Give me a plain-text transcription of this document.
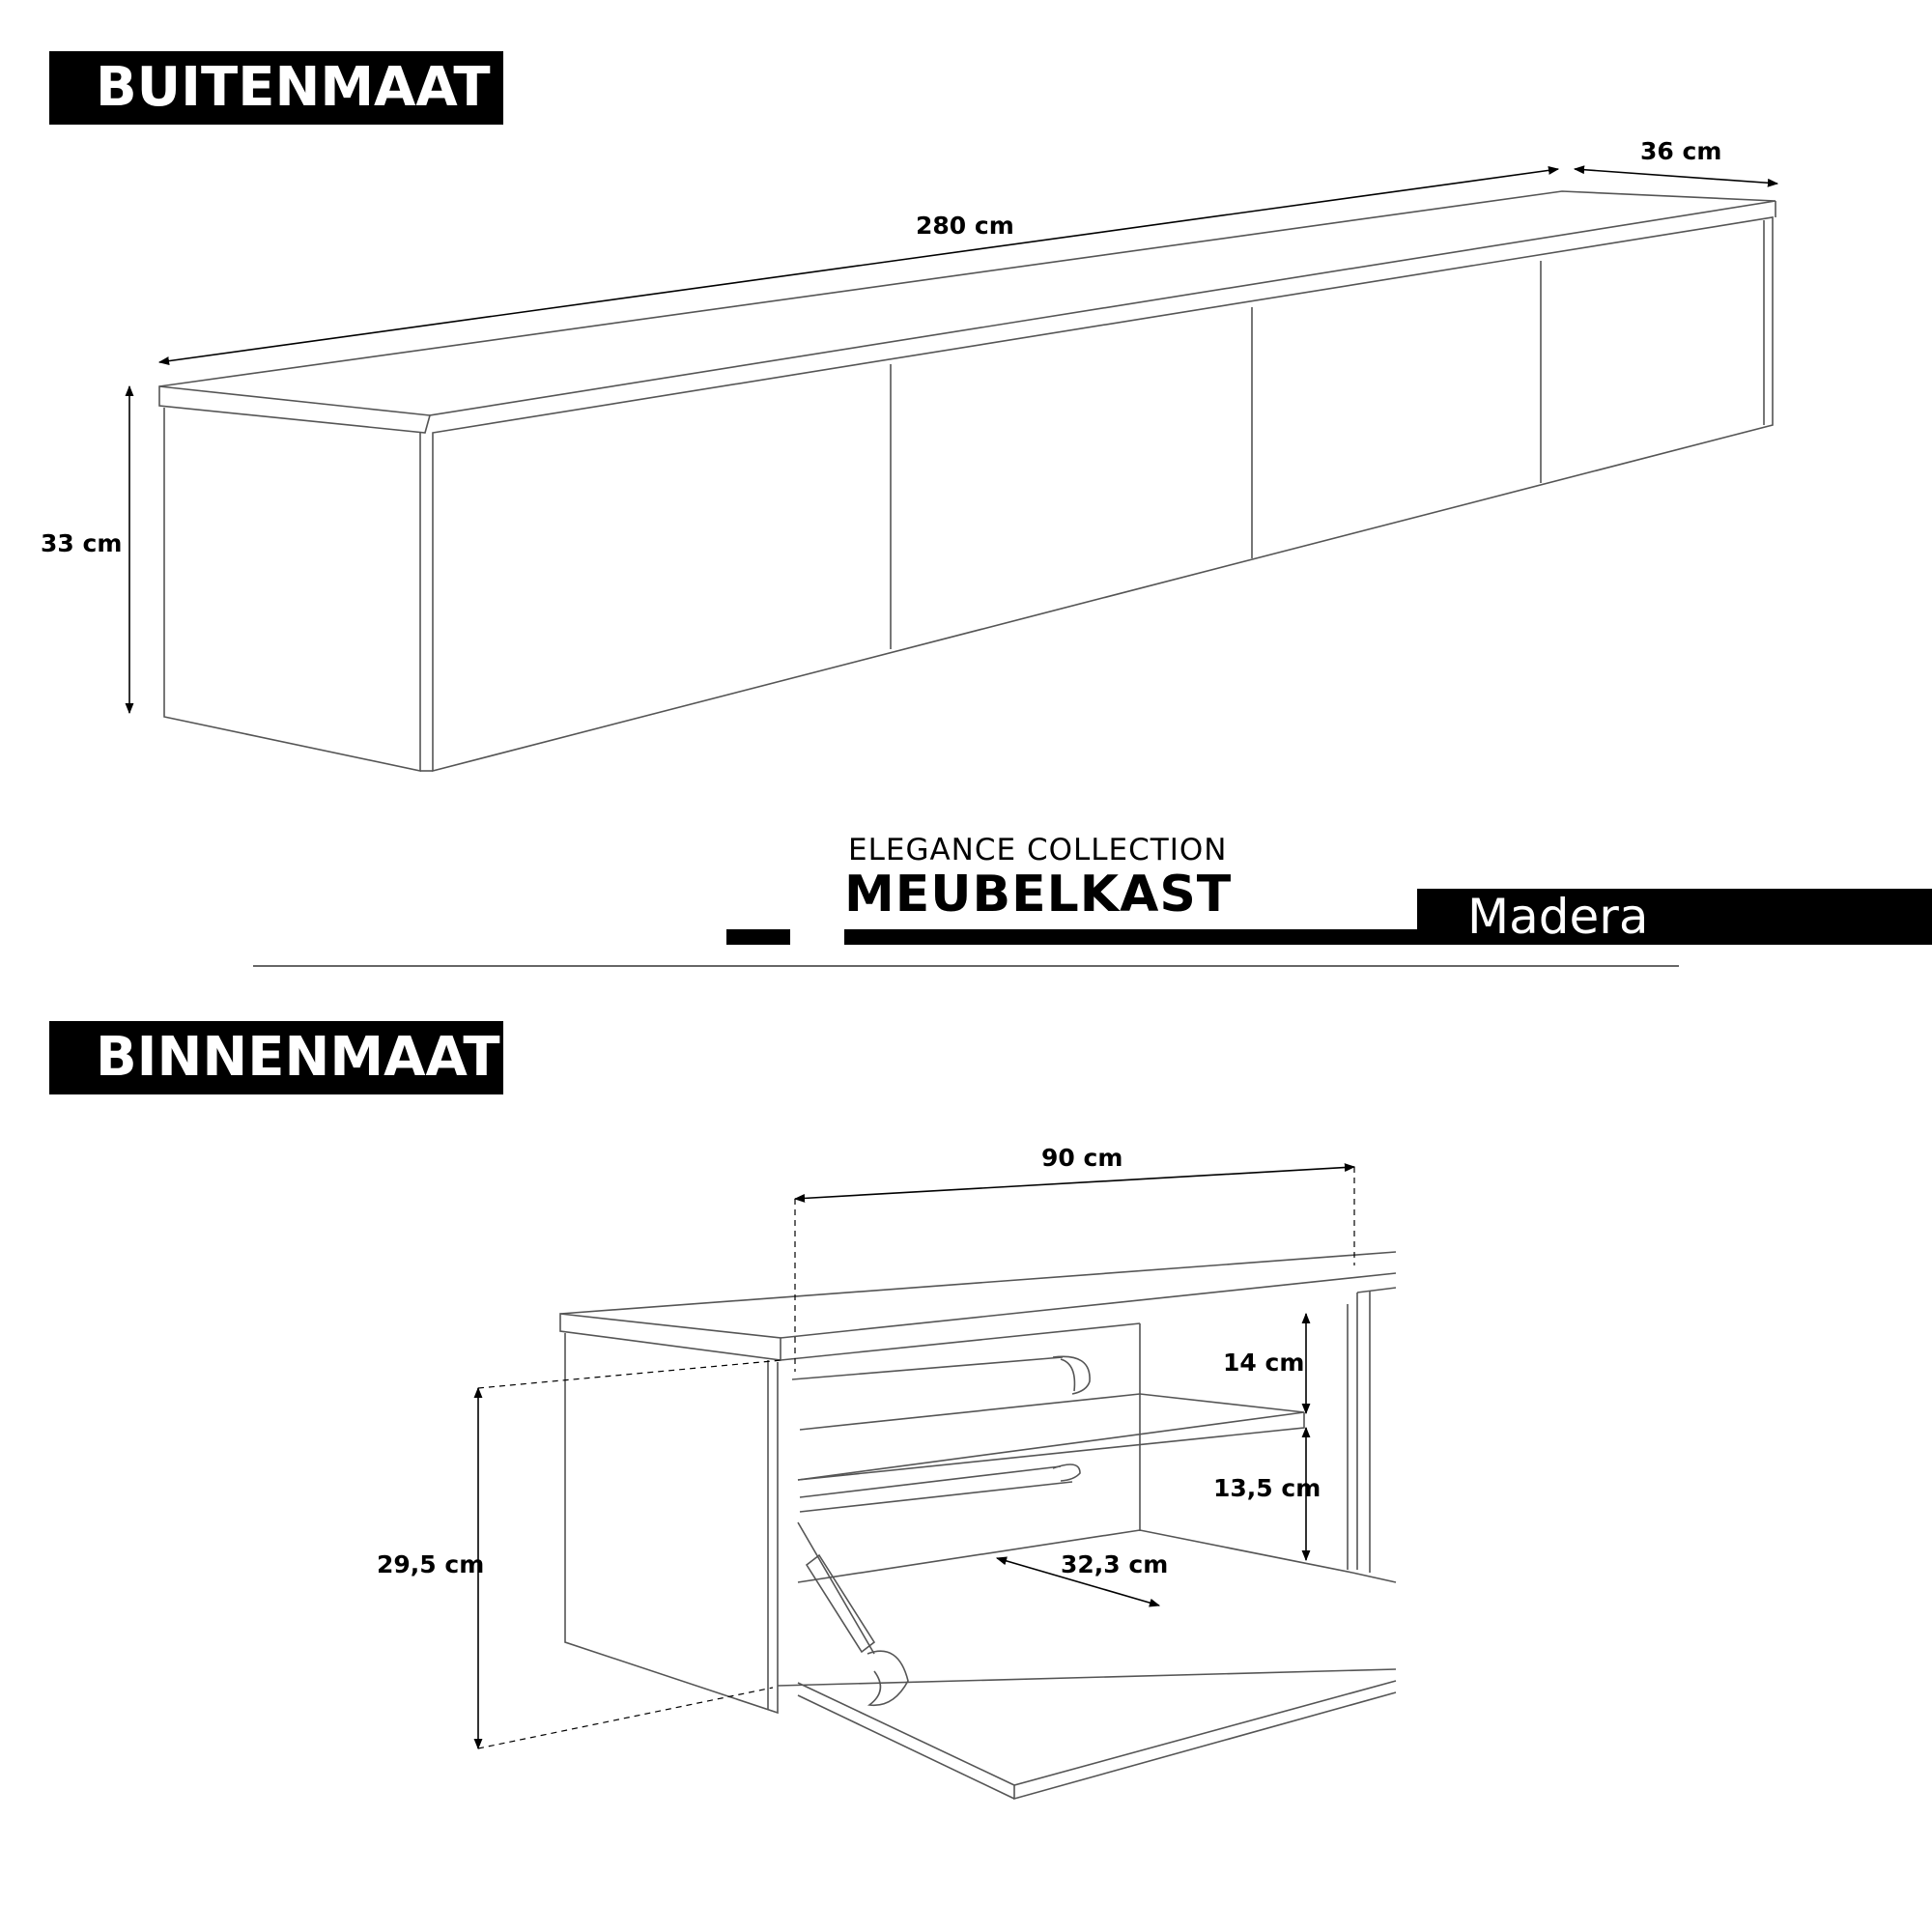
BUITENMAAT
BINNENMAAT
280 cm
36 cm
33 cm
ELEGANCE COLLECTION
MEUBELKAST	Madera
90 cm
14 cm
13,5 cm
32,3 cm
29,5 cm
